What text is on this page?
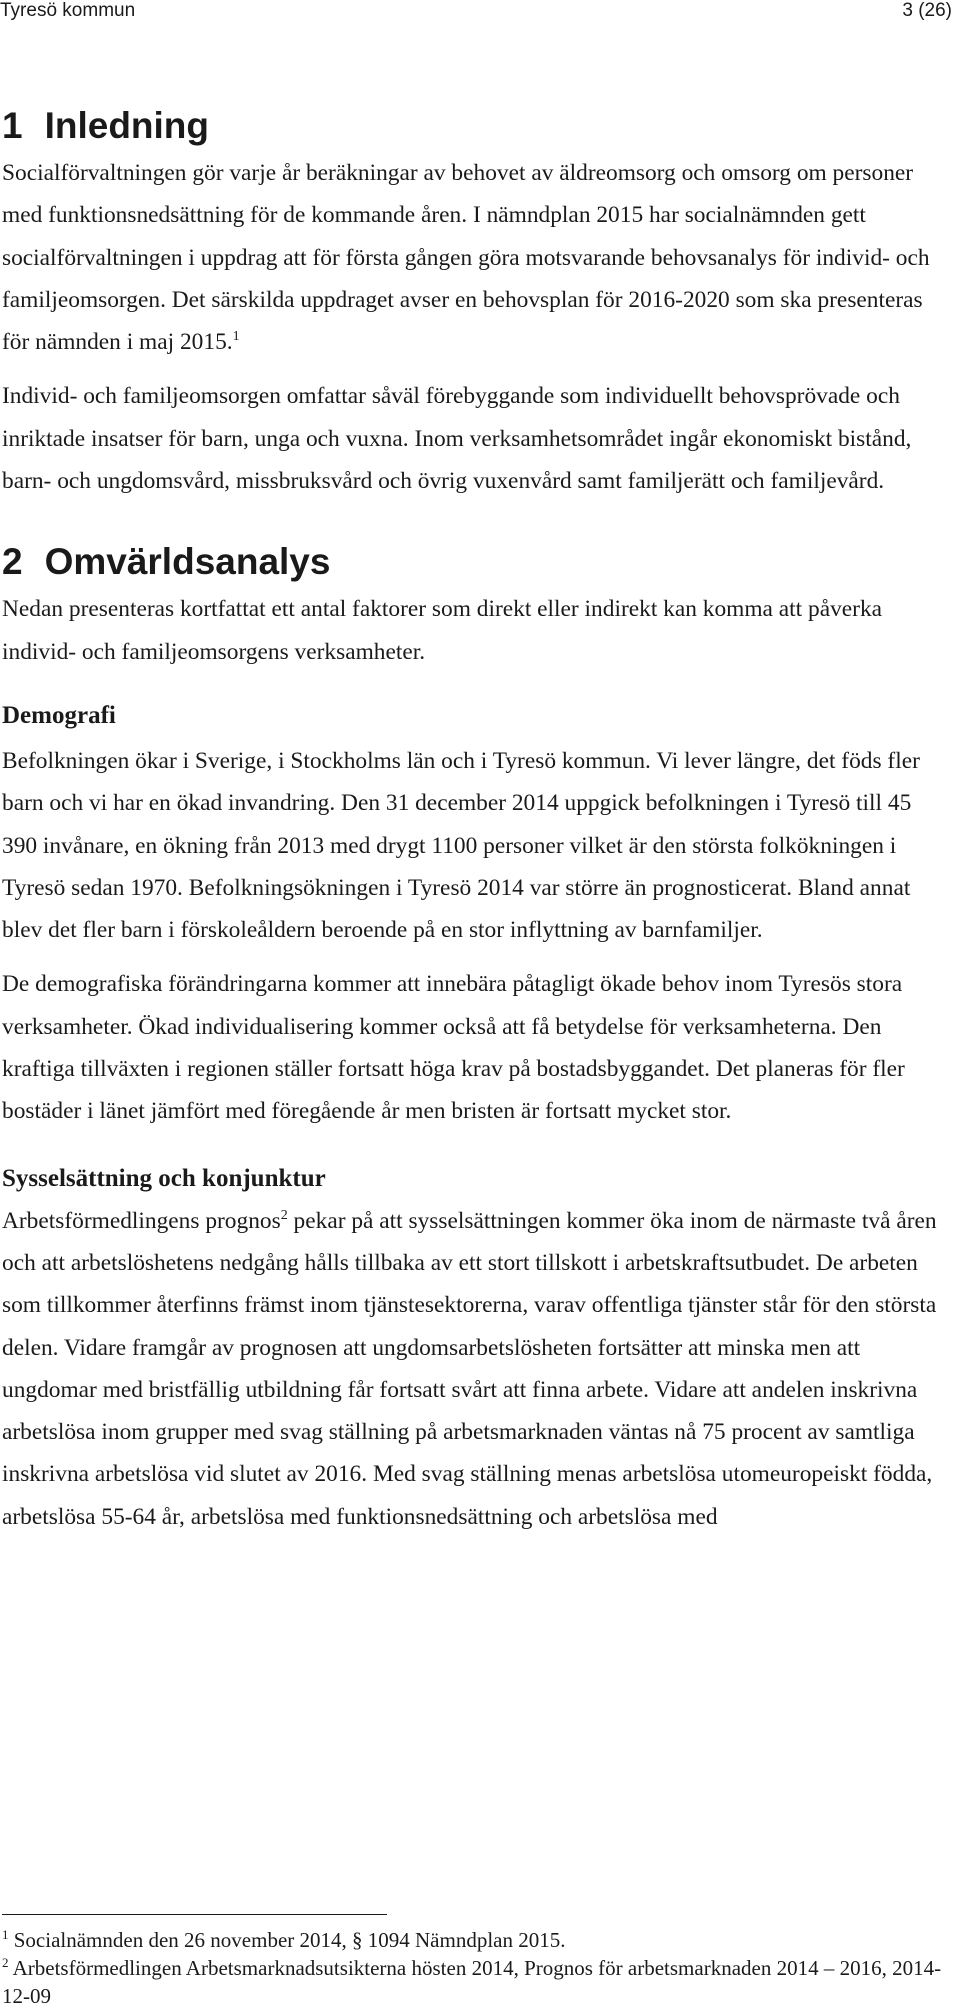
Tyresö kommun	3 (26)
1 Inledning

Socialförvaltningen gör varje år beräkningar av behovet av äldreomsorg och omsorg om personer med funktionsnedsättning för de kommande åren. I nämndplan 2015 har socialnämnden gett socialförvaltningen i uppdrag att för första gången göra motsvarande behovsanalys för individ- och familjeomsorgen. Det särskilda uppdraget avser en behovsplan för 2016-2020 som ska presenteras för nämnden i maj 2015.$^1$

Individ- och familjeomsorgen omfattar såväl förebyggande som individuellt behovsprövade och inriktade insatser för barn, unga och vuxna. Inom verksamhetsområdet ingår ekonomiskt bistånd, barn- och ungdomsvård, missbruksvård och övrig vuxenvård samt familjerätt och familjevård.

2 Omvärldsanalys

Nedan presenteras kortfattat ett antal faktorer som direkt eller indirekt kan komma att påverka individ- och familjeomsorgens verksamheter.

Demografi

Befolkningen ökar i Sverige, i Stockholms län och i Tyresö kommun. Vi lever längre, det föds fler barn och vi har en ökad invandring. Den 31 december 2014 uppgick befolkningen i Tyresö till 45 390 invånare, en ökning från 2013 med drygt 1100 personer vilket är den största folkökningen i Tyresö sedan 1970. Befolkningsökningen i Tyresö 2014 var större än prognosticerat. Bland annat blev det fler barn i förskoleåldern beroende på en stor inflyttning av barnfamiljer.

De demografiska förändringarna kommer att innebära påtagligt ökade behov inom Tyresös stora verksamheter. Ökad individualisering kommer också att få betydelse för verksamheterna. Den kraftiga tillväxten i regionen ställer fortsatt höga krav på bostadsbyggandet. Det planeras för fler bostäder i länet jämfört med föregående år men bristen är fortsatt mycket stor.

Sysselsättning och konjunktur

Arbetsförmedlingens prognos$^2$ pekar på att sysselsättningen kommer öka inom de närmaste två åren och att arbetslöshetens nedgång hålls tillbaka av ett stort tillskott i arbetskraftsutbudet. De arbeten som tillkommer återfinns främst inom tjänstesektorerna, varav offentliga tjänster står för den största delen. Vidare framgår av prognosen att ungdomsarbetslösheten fortsätter att minska men att ungdomar med bristfällig utbildning får fortsatt svårt att finna arbete. Vidare att andelen inskrivna arbetslösa inom grupper med svag ställning på arbetsmarknaden väntas nå 75 procent av samtliga inskrivna arbetslösa vid slutet av 2016. Med svag ställning menas arbetslösa utomeuropeiskt födda, arbetslösa 55-64 år, arbetslösa med funktionsnedsättning och arbetslösa med

$^1$ Socialnämnden den 26 november 2014, § 1094 Nämndplan 2015.
$^2$ Arbetsförmedlingen Arbetsmarknadsutsikterna hösten 2014, Prognos för arbetsmarknaden 2014 – 2016, 2014-12-09
